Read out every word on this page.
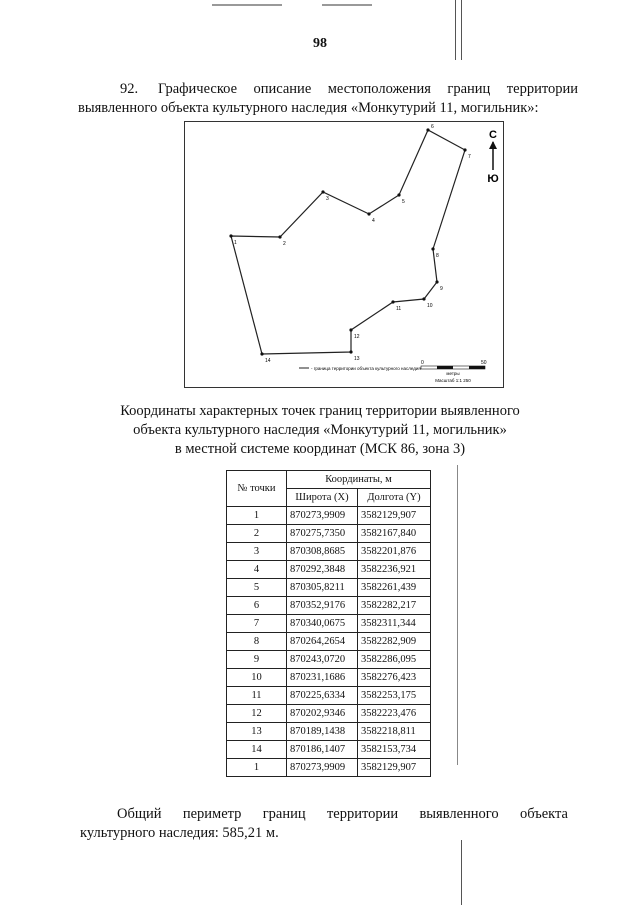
98
92. Графическое описание местоположения границ территории выявленного объекта культурного наследия «Монкутурий 11, могильник»:
1	2
3
4
5
6
7
8
9
10
11
12
13
14
С
Ю
- граница территории объекта культурного наследия
0	50
метры
Масштаб 1:1 250
Координаты характерных точек границ территории выявленного
объекта культурного наследия «Монкутурий 11, могильник»
в местной системе координат (МСК 86, зона 3)
№ точки	Координаты, м	
	Широта (X)	Долгота (Y)
1	870273,9909	3582129,907
2	870275,7350	3582167,840
3	870308,8685	3582201,876
4	870292,3848	3582236,921
5	870305,8211	3582261,439
6	870352,9176	3582282,217
7	870340,0675	3582311,344
8	870264,2654	3582282,909
9	870243,0720	3582286,095
10	870231,1686	3582276,423
11	870225,6334	3582253,175
12	870202,9346	3582223,476
13	870189,1438	3582218,811
14	870186,1407	3582153,734
1	870273,9909	3582129,907
Общий периметр границ территории выявленного объекта
культурного наследия: 585,21 м.
